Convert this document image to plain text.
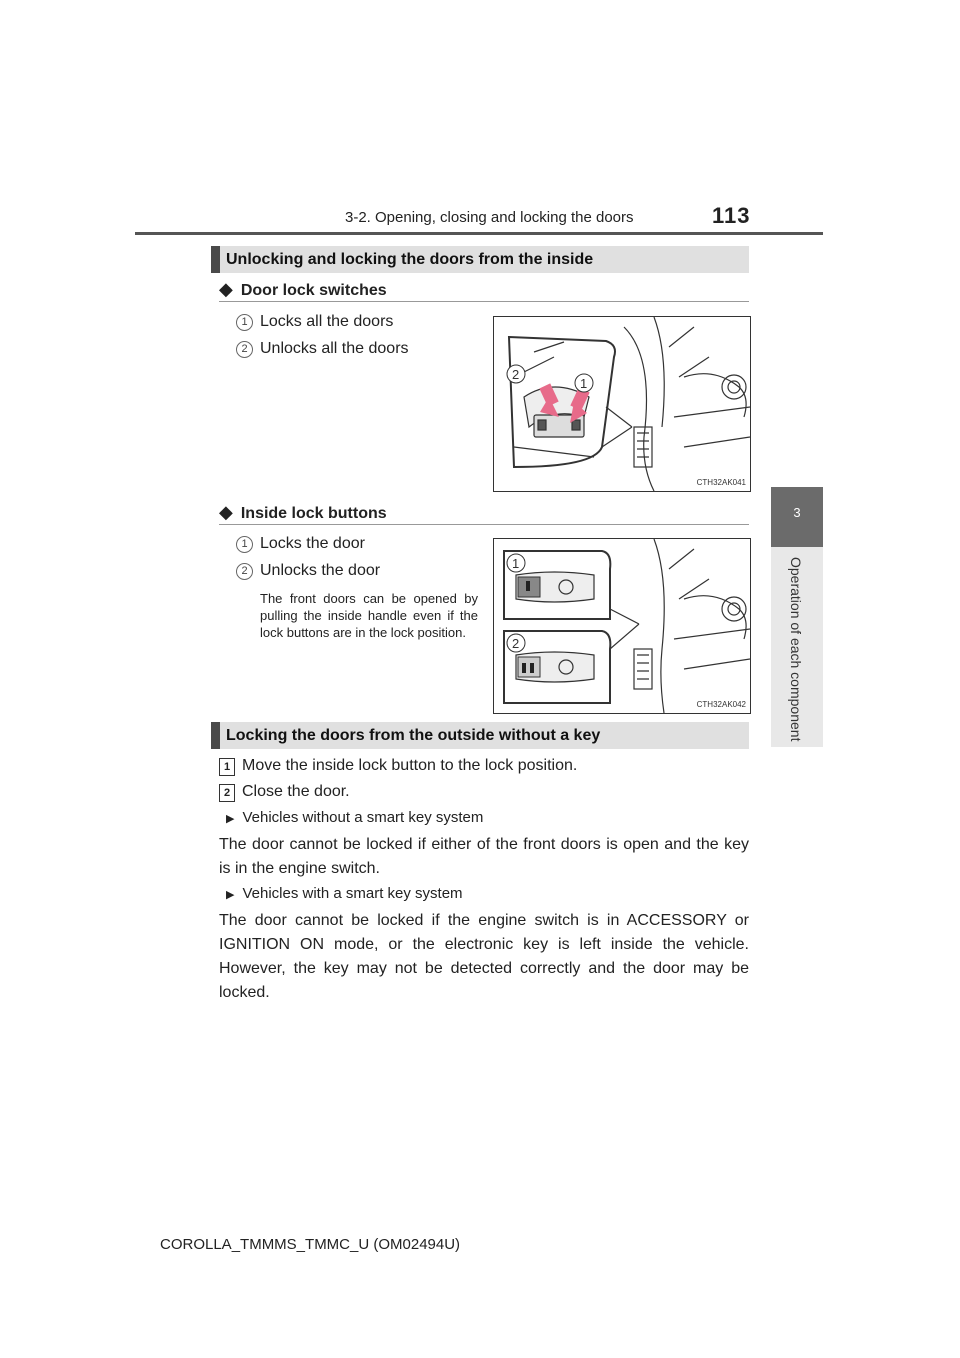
3-2. Opening, closing and locking the doors	113
3
Operation of each component
Unlocking and locking the doors from the inside
◆ Door lock switches
1 Locks all the doors
2 Unlocks all the doors
2
1
CTH32AK041
◆ Inside lock buttons
1 Locks the door
2 Unlocks the door
The front doors can be opened by pulling the inside handle even if the lock buttons are in the lock position.
1
2
CTH32AK042
Locking the doors from the outside without a key
1 Move the inside lock button to the lock position.
2 Close the door.
▶ Vehicles without a smart key system
The door cannot be locked if either of the front doors is open and the key is in the engine switch.
▶ Vehicles with a smart key system
The door cannot be locked if the engine switch is in ACCESSORY or IGNITION ON mode, or the electronic key is left inside the vehicle. However, the key may not be detected correctly and the door may be locked.
COROLLA_TMMMS_TMMC_U (OM02494U)
